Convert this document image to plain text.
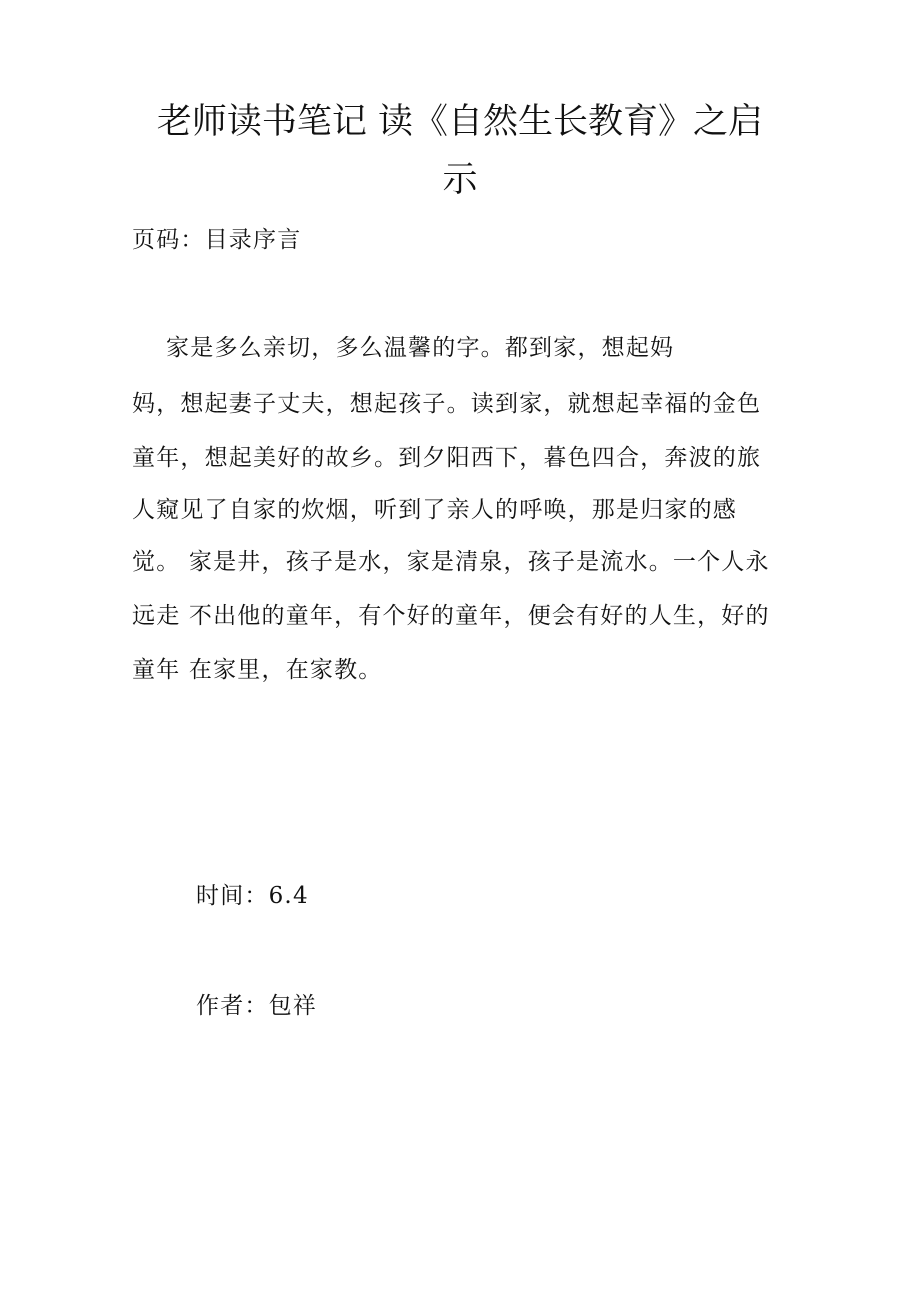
老师读书笔记 读《自然生长教育》之启
示
页码：目录序言
家是多么亲切，多么温馨的字。都到家，想起妈
妈，想起妻子丈夫，想起孩子。读到家，就想起幸福的金色
童年，想起美好的故乡。到夕阳西下，暮色四合，奔波的旅
人窥见了自家的炊烟，听到了亲人的呼唤，那是归家的感
觉。 家是井，孩子是水，家是清泉，孩子是流水。一个人永
远走 不出他的童年，有个好的童年，便会有好的人生，好的
童年 在家里，在家教。
时间：6.4
作者：包祥
